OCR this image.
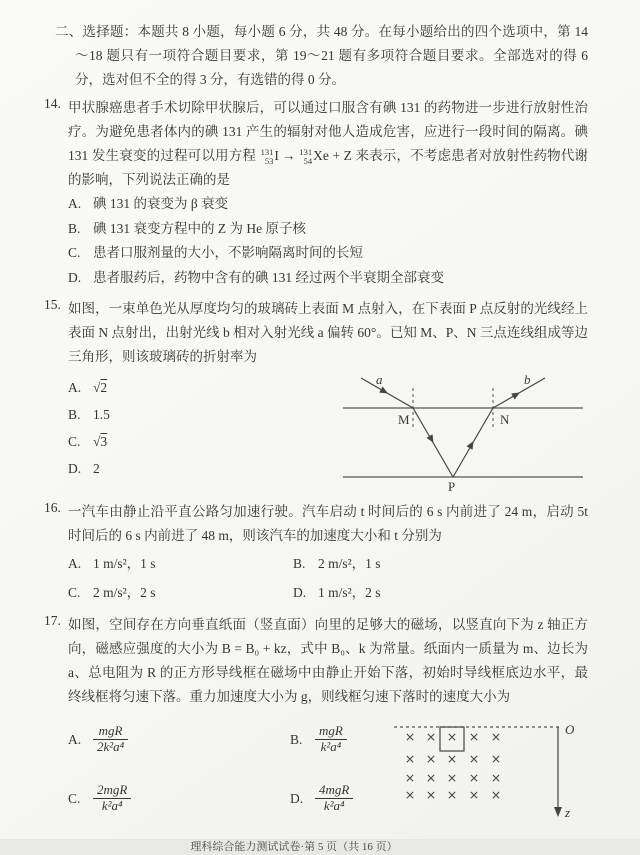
二、选择题：本题共 8 小题，每小题 6 分，共 48 分。在每小题给出的四个选项中，第 14～18 题只有一项符合题目要求，第 19～21 题有多项符合题目要求。全部选对的得 6 分，选对但不全的得 3 分，有选错的得 0 分。
14. 甲状腺癌患者手术切除甲状腺后，可以通过口服含有碘 131 的药物进一步进行放射性治疗。为避免患者体内的碘 131 产生的辐射对他人造成危害，应进行一段时间的隔离。碘 131 发生衰变的过程可以用方程 131
53 I → 131
54 Xe + Z 来表示，不考虑患者对放射性药物代谢的影响，下列说法正确的是
A. 碘 131 的衰变为 β 衰变
B. 碘 131 衰变方程中的 Z 为 He 原子核
C. 患者口服剂量的大小，不影响隔离时间的长短
D. 患者服药后，药物中含有的碘 131 经过两个半衰期全部衰变
15. 如图，一束单色光从厚度均匀的玻璃砖上表面 M 点射入，在下表面 P 点反射的光线经上表面 N 点射出，出射光线 b 相对入射光线 a 偏转 60°。已知 M、P、N 三点连线组成等边三角形，则该玻璃砖的折射率为
A. √2
B. 1.5
C. √3
D. 2
a	b
M	N
P
16. 一汽车由静止沿平直公路匀加速行驶。汽车启动 t 时间后的 6 s 内前进了 24 m，启动 5t 时间后的 6 s 内前进了 48 m，则该汽车的加速度大小和 t 分别为
A. 1 m/s²，1 s	B. 2 m/s²，1 s
C. 2 m/s²，2 s	D. 1 m/s²，2 s
17. 如图，空间存在方向垂直纸面（竖直面）向里的足够大的磁场，以竖直向下为 z 轴正方向，磁感应强度的大小为 B = B₀ + kz，式中 B₀、k 为常量。纸面内一质量为 m、边长为 a、总电阻为 R 的正方形导线框在磁场中由静止开始下落，初始时导线框底边水平，最终线框将匀速下落。重力加速度大小为 g，则线框匀速下落时的速度大小为
A. $\frac{\text{mgR}}{\text{2k²a⁴}}$	B. $\frac{\text{mgR}}{\text{k²a⁴}}$
C. $\frac{\text{2mgR}}{\text{k²a⁴}}$	D. $\frac{\text{4mgR}}{\text{k²a⁴}}$
× × × × ×
× × × × ×
× × × × ×
× × × × ×
O
z
理科综合能力测试试卷·第 5 页（共 16 页）
